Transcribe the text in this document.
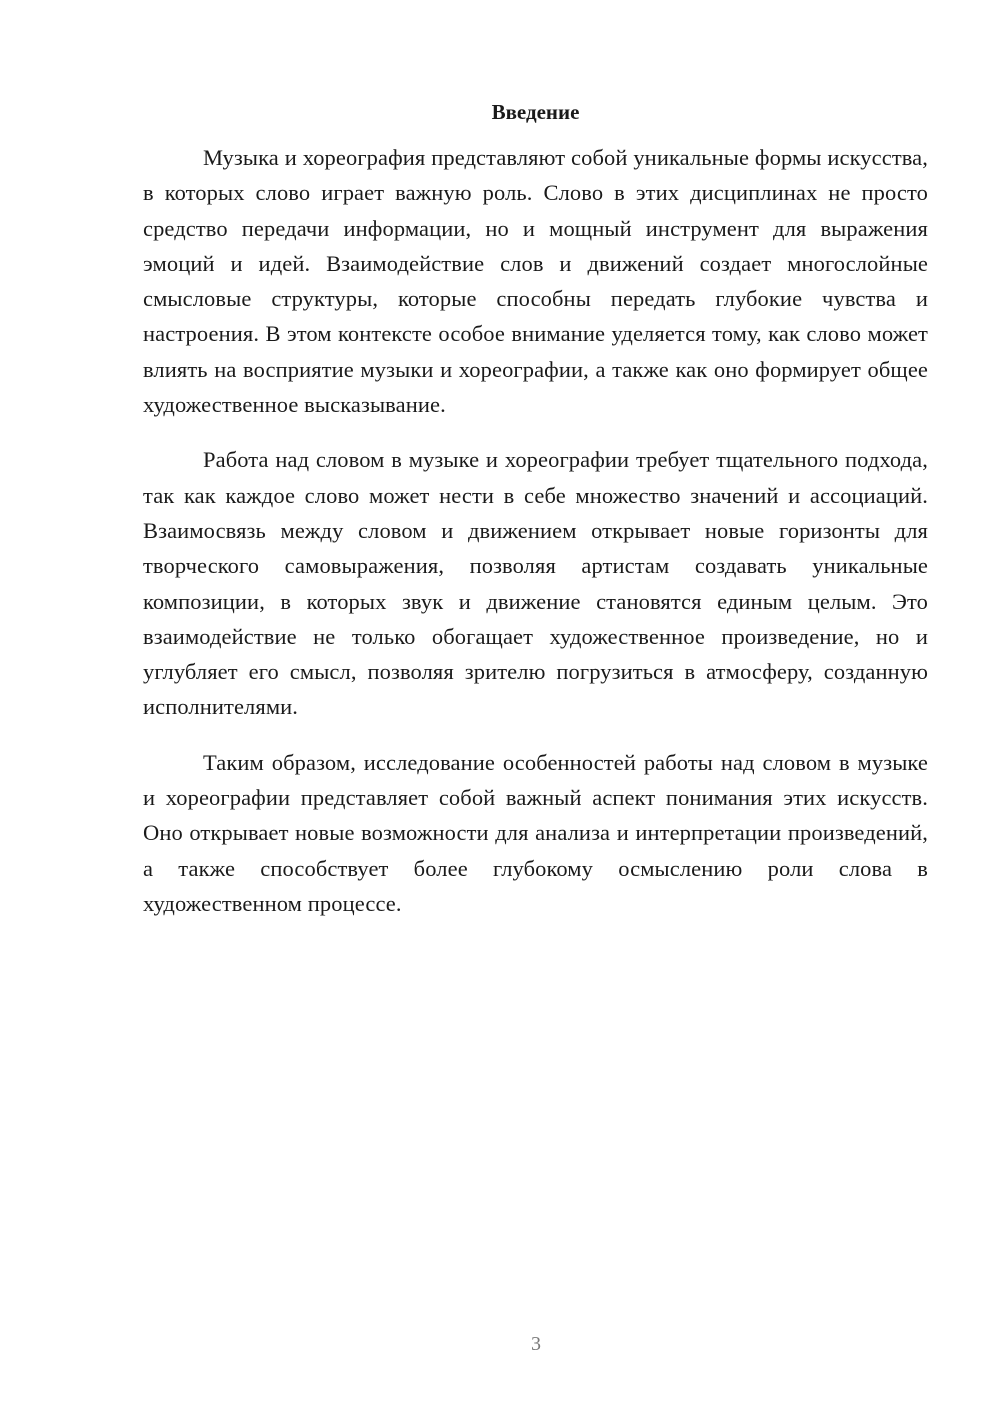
Введение

Музыка и хореография представляют собой уникальные формы искусства, в которых слово играет важную роль. Слово в этих дисциплинах не просто средство передачи информации, но и мощный инструмент для выражения эмоций и идей. Взаимодействие слов и движений создает многослойные смысловые структуры, которые способны передать глубокие чувства и настроения. В этом контексте особое внимание уделяется тому, как слово может влиять на восприятие музыки и хореографии, а также как оно формирует общее художественное высказывание.

Работа над словом в музыке и хореографии требует тщательного подхода, так как каждое слово может нести в себе множество значений и ассоциаций. Взаимосвязь между словом и движением открывает новые горизонты для творческого самовыражения, позволяя артистам создавать уникальные композиции, в которых звук и движение становятся единым целым. Это взаимодействие не только обогащает художественное произведение, но и углубляет его смысл, позволяя зрителю погрузиться в атмосферу, созданную исполнителями.

Таким образом, исследование особенностей работы над словом в музыке и хореографии представляет собой важный аспект понимания этих искусств. Оно открывает новые возможности для анализа и интерпретации произведений, а также способствует более глубокому осмыслению роли слова в художественном процессе.

3
